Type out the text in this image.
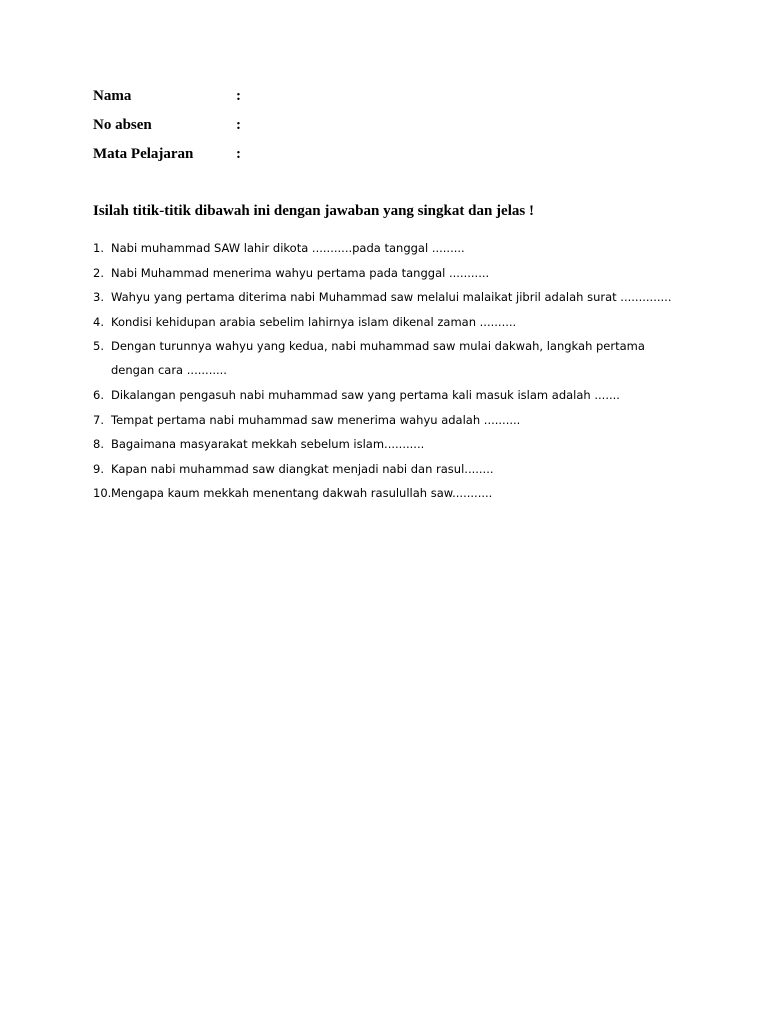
Nama	:
No absen	:
Mata Pelajaran	:
Isilah titik-titik dibawah ini dengan jawaban yang singkat dan jelas !
1. Nabi muhammad SAW lahir dikota ...........pada tanggal .........
2. Nabi Muhammad menerima wahyu pertama pada tanggal ...........
3. Wahyu yang pertama diterima nabi Muhammad saw melalui malaikat jibril adalah surat ..............
4. Kondisi kehidupan arabia sebelim lahirnya islam dikenal zaman ..........
5. Dengan turunnya wahyu yang kedua, nabi muhammad saw mulai dakwah, langkah pertama
dengan cara ...........
6. Dikalangan pengasuh nabi muhammad saw yang pertama kali masuk islam adalah .......
7. Tempat pertama nabi muhammad saw menerima wahyu adalah ..........
8. Bagaimana masyarakat mekkah sebelum islam...........
9. Kapan nabi muhammad saw diangkat menjadi nabi dan rasul........
10. Mengapa kaum mekkah menentang dakwah rasulullah saw...........
